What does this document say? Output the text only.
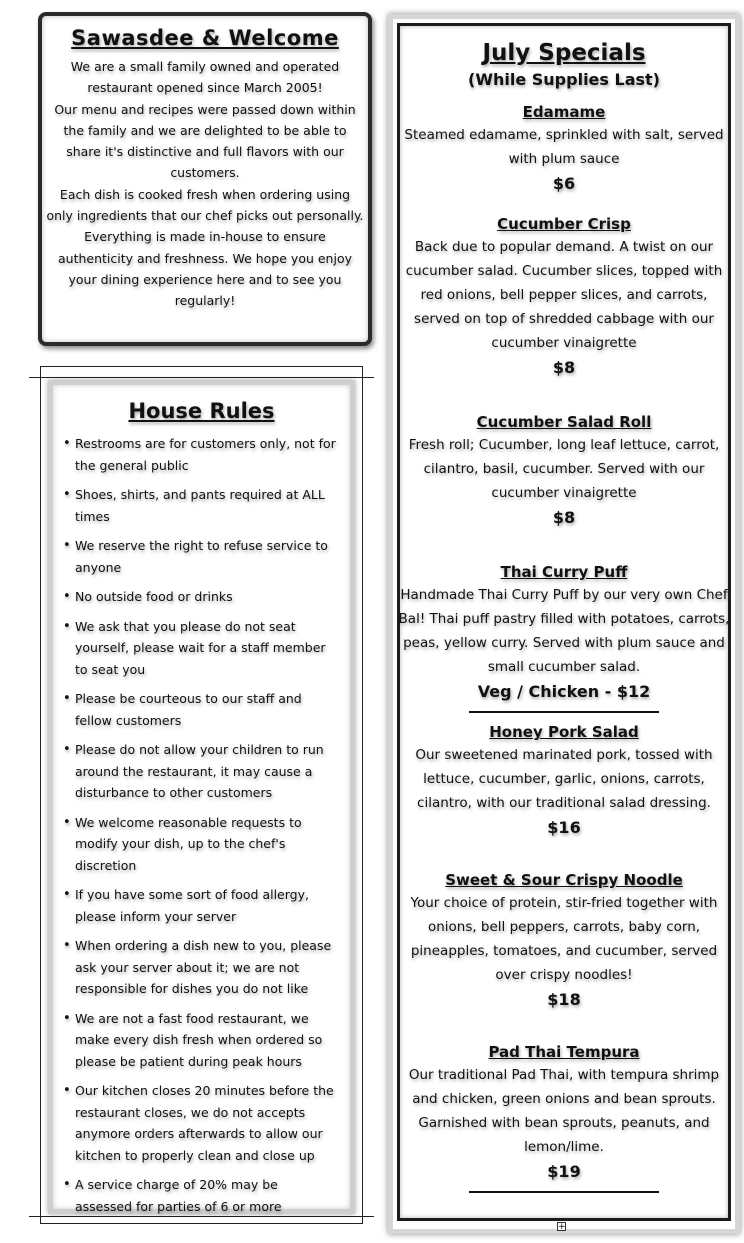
Sawasdee & Welcome

We are a small family owned and operated restaurant opened since March 2005!

Our menu and recipes were passed down within the family and we are delighted to be able to share it's distinctive and full flavors with our customers.

Each dish is cooked fresh when ordering using only ingredients that our chef picks out personally. Everything is made in-house to ensure authenticity and freshness. We hope you enjoy your dining experience here and to see you regularly!

House Rules
• Restrooms are for customers only, not for the general public
• Shoes, shirts, and pants required at ALL times
• We reserve the right to refuse service to anyone
• No outside food or drinks
• We ask that you please do not seat yourself, please wait for a staff member to seat you
• Please be courteous to our staff and fellow customers
• Please do not allow your children to run around the restaurant, it may cause a disturbance to other customers
• We welcome reasonable requests to modify your dish, up to the chef's discretion
• If you have some sort of food allergy, please inform your server
• When ordering a dish new to you, please ask your server about it; we are not responsible for dishes you do not like
• We are not a fast food restaurant, we make every dish fresh when ordered so please be patient during peak hours
• Our kitchen closes 20 minutes before the restaurant closes, we do not accepts anymore orders afterwards to allow our kitchen to properly clean and close up
• A service charge of 20% may be assessed for parties of 6 or more
July Specials
(While Supplies Last)
Edamame
Steamed edamame, sprinkled with salt, served with plum sauce
$6
Cucumber Crisp
Back due to popular demand. A twist on our cucumber salad. Cucumber slices, topped with red onions, bell pepper slices, and carrots, served on top of shredded cabbage with our cucumber vinaigrette
$8
Cucumber Salad Roll
Fresh roll; Cucumber, long leaf lettuce, carrot, cilantro, basil, cucumber. Served with our cucumber vinaigrette
$8
Thai Curry Puff
Handmade Thai Curry Puff by our very own Chef Bal! Thai puff pastry filled with potatoes, carrots, peas, yellow curry. Served with plum sauce and small cucumber salad.
Veg / Chicken - $12
Honey Pork Salad
Our sweetened marinated pork, tossed with lettuce, cucumber, garlic, onions, carrots, cilantro, with our traditional salad dressing.
$16
Sweet & Sour Crispy Noodle
Your choice of protein, stir-fried together with onions, bell peppers, carrots, baby corn, pineapples, tomatoes, and cucumber, served over crispy noodles!
$18
Pad Thai Tempura
Our traditional Pad Thai, with tempura shrimp and chicken, green onions and bean sprouts. Garnished with bean sprouts, peanuts, and lemon/lime.
$19
+
